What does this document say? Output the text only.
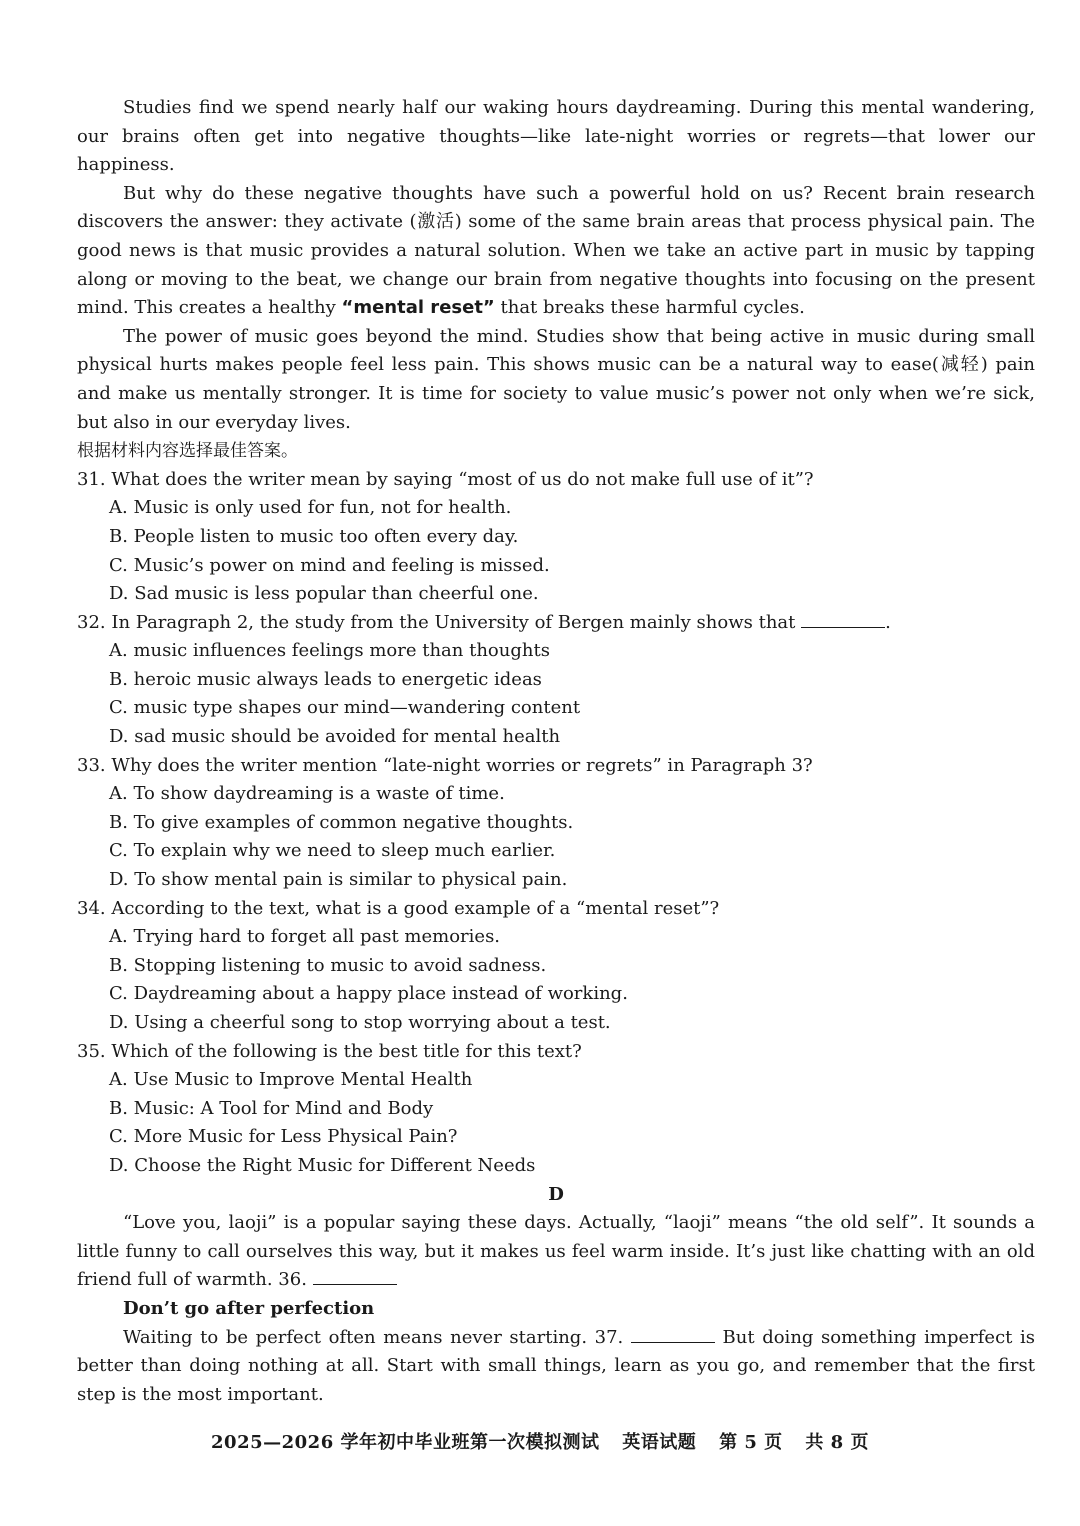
Studies find we spend nearly half our waking hours daydreaming. During this mental wandering, our brains often get into negative thoughts—like late-night worries or regrets—that lower our happiness.

But why do these negative thoughts have such a powerful hold on us? Recent brain research discovers the answer: they activate (激活) some of the same brain areas that process physical pain. The good news is that music provides a natural solution. When we take an active part in music by tapping along or moving to the beat, we change our brain from negative thoughts into focusing on the present mind. This creates a healthy “mental reset” that breaks these harmful cycles.

The power of music goes beyond the mind. Studies show that being active in music during small physical hurts makes people feel less pain. This shows music can be a natural way to ease(减轻) pain and make us mentally stronger. It is time for society to value music’s power not only when we’re sick, but also in our everyday lives.

根据材料内容选择最佳答案。

31. What does the writer mean by saying “most of us do not make full use of it”?

A. Music is only used for fun, not for health.

B. People listen to music too often every day.

C. Music’s power on mind and feeling is missed.

D. Sad music is less popular than cheerful one.

32. In Paragraph 2, the study from the University of Bergen mainly shows that	.

A. music influences feelings more than thoughts

B. heroic music always leads to energetic ideas

C. music type shapes our mind—wandering content

D. sad music should be avoided for mental health

33. Why does the writer mention “late-night worries or regrets” in Paragraph 3?

A. To show daydreaming is a waste of time.

B. To give examples of common negative thoughts.

C. To explain why we need to sleep much earlier.

D. To show mental pain is similar to physical pain.

34. According to the text, what is a good example of a “mental reset”?

A. Trying hard to forget all past memories.

B. Stopping listening to music to avoid sadness.

C. Daydreaming about a happy place instead of working.

D. Using a cheerful song to stop worrying about a test.

35. Which of the following is the best title for this text?

A. Use Music to Improve Mental Health

B. Music: A Tool for Mind and Body

C. More Music for Less Physical Pain?

D. Choose the Right Music for Different Needs

D

“Love you, laoji” is a popular saying these days. Actually, “laoji” means “the old self”. It sounds a little funny to call ourselves this way, but it makes us feel warm inside. It’s just like chatting with an old friend full of warmth. 36.

Don’t go after perfection

Waiting to be perfect often means never starting. 37.	But doing something imperfect is better than doing nothing at all. Start with small things, learn as you go, and remember that the first step is the most important.

2025—2026 学年初中毕业班第一次模拟测试 英语试题 第 5 页 共 8 页
